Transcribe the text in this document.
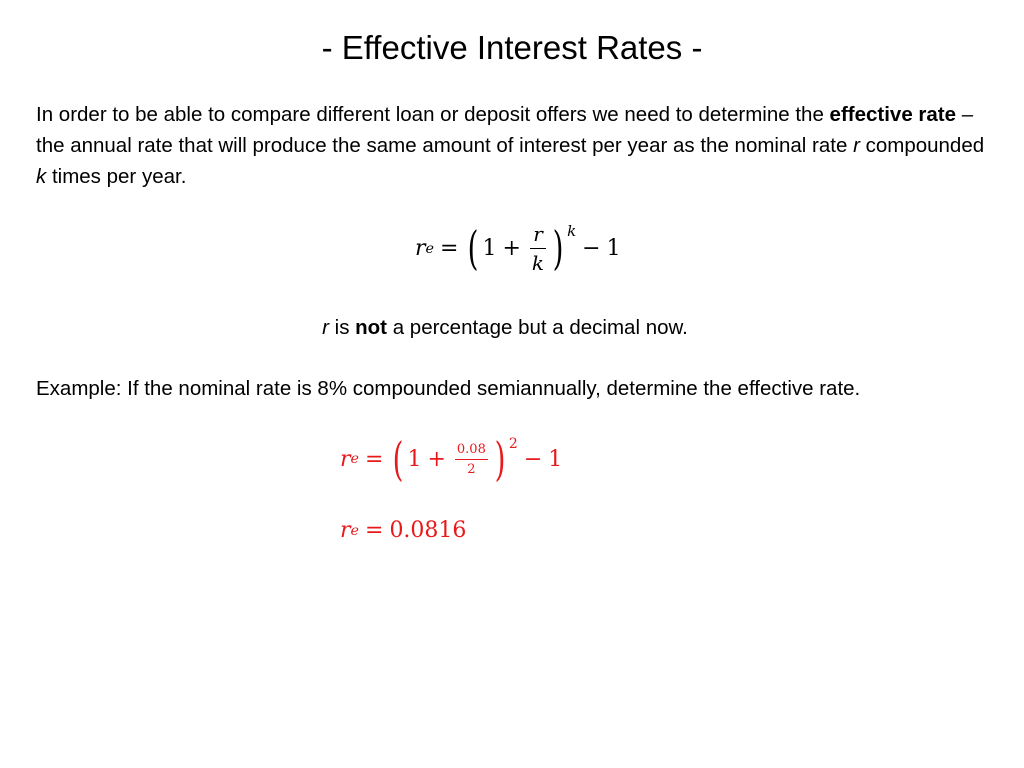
- Effective Interest Rates -
In order to be able to compare different loan or deposit offers we need to determine the effective rate – the annual rate that will produce the same amount of interest per year as the nominal rate r compounded k times per year.
r e = ( $1 + \frac{r}{k}$ ) k
− 1
r is not a percentage but a decimal now.
Example: If the nominal rate is 8% compounded semiannually, determine the effective rate.
r e = ( $1 + \frac{0.08}{2}$ ) 2
− 1
r e = 0.0816
